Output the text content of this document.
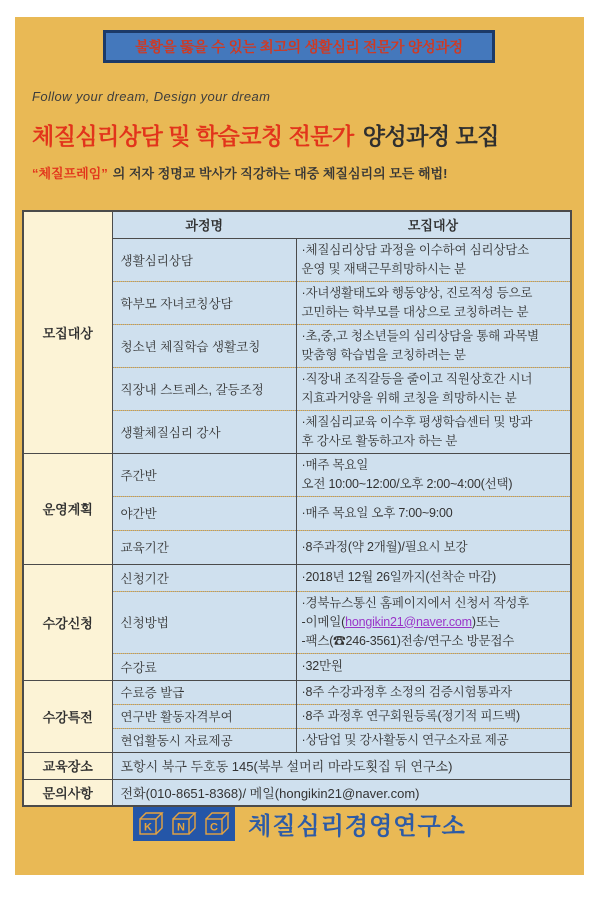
불황을 뚫을 수 있는 최고의 생활심리 전문가 양성과정
Follow your dream, Design your dream
체질심리상담 및 학습코칭 전문가 양성과정 모집
“체질프레임” 의 저자 정명교 박사가 직강하는 대중 체질심리의 모든 해법!
모집대상	과정명	모집대상
	생활심리상담	·체질심리상담 과정을 이수하여 심리상담소
운영 및 재택근무희망하시는 분

	학부모 자녀코칭상담	·자녀생활태도와 행동양상, 진로적성 등으로
고민하는 학부모를 대상으로 코칭하려는 분

	청소년 체질학습 생활코칭	·초,중,고 청소년들의 심리상담을 통해 과목별
맞춤형 학습법을 코칭하려는 분

	직장내 스트레스, 갈등조정	·직장내 조직갈등을 줄이고 직원상호간 시너
지효과거양을 위해 코칭을 희망하시는 분

	생활체질심리 강사	·체질심리교육 이수후 평생학습센터 및 방과
후 강사로 활동하고자 하는 분

운영계획	주간반	·매주 목요일
오전 10:00~12:00/오후 2:00~4:00(선택)

	야간반	·매주 목요일 오후 7:00~9:00

	교육기간	·8주과정(약 2개월)/필요시 보강

수강신청	신청기간	·2018년 12월 26일까지(선착순 마감)

	신청방법	·경북뉴스통신 홈페이지에서 신청서 작성후
-이메일(hongikin21@naver.com)또는
-팩스(☎246-3561)전송/연구소 방문접수

	수강료	·32만원

수강특전	수료증 발급	·8주 수강과정후 소정의 검증시험통과자

	연구반 활동자격부여	·8주 과정후 연구회원등록(정기적 피드백)

	현업활동시 자료제공	·상담업 및 강사활동시 연구소자료 제공

교육장소	포항시 북구 두호동 145(북부 설머리 마라도횟집 뒤 연구소)	
문의사항	전화(010-8651-8368)/ 메일(hongikin21@naver.com)	
K N C 체질심리경영연구소
